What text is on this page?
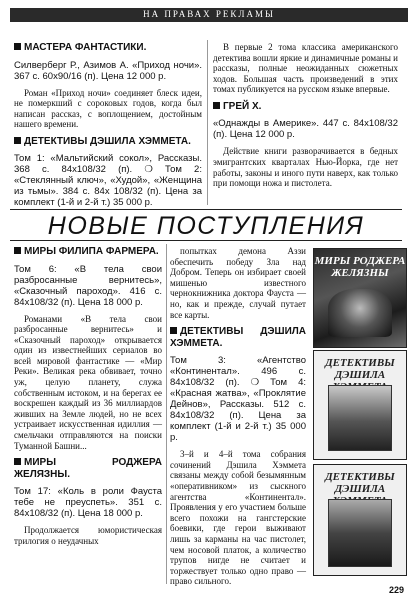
НА ПРАВАХ РЕКЛАМЫ

МАСТЕРА ФАНТАСТИКИ.

Силверберг Р., Азимов А. «Приход ночи». 367 с. 60x90/16 (п). Цена 12 000 р.

Роман «Приход ночи» соединяет блеск идеи, не померкший с сороковых годов, когда был написан рассказ, с воплощением, достойным нашего времени.

ДЕТЕКТИВЫ ДЭШИЛА ХЭММЕТА.

Том 1: «Мальтийский сокол», Рассказы. 368 с. 84х108/32 (п). ❍ Том 2: «Стеклянный ключ», «Худой», «Женщина из тьмы». 384 с. 84х 108/32 (п). Цена за комплект (1-й и 2-й т.) 35 000 р.

В первые 2 тома классика американского детектива вошли яркие и динамичные романы и рассказы, полные неожиданных сюжетных ходов. Большая часть произведений в этих томах публикуется на русском языке впервые.

ГРЕЙ Х.

«Однажды в Америке». 447 с. 84х108/32 (п). Цена 12 000 р.

Действие книги разворачивается в бедных эмигрантских кварталах Нью-Йорка, где нет работы, законы и иного пути наверх, как только при помощи ножа и пистолета.

НОВЫЕ ПОСТУПЛЕНИЯ

МИРЫ ФИЛИПА ФАРМЕРА.

Том 6: «В тела свои разбросанные вернитесь», «Сказочный пароход». 416 с. 84х108/32 (п). Цена 18 000 р.

Романами «В тела свои разбросанные вернитесь» и «Сказочный пароход» открывается один из известнейших сериалов во всей мировой фантастике — «Мир Реки». Великая река обвивает, точно уж, целую планету, служа собственным истоком, и на берегах ее воскрешен каждый из 36 миллиардов живших на Земле людей, но не всех устраивает искусственная идиллия — смельчаки отправляются на поиски Туманной Башни...

МИРЫ РОДЖЕРА ЖЕЛЯЗНЫ.

Том 17: «Коль в роли Фауста тебе не преуспеть». 351 с. 84х108/32 (п). Цена 18 000 р.

Продолжается юмористическая трилогия о неудачных

попытках демона Аззи обеспечить победу Зла над Добром. Теперь он избирает своей мишенью известного чернокнижника доктора Фауста — но, как и прежде, случай путает все карты.

ДЕТЕКТИВЫ ДЭШИЛА ХЭММЕТА.

Том 3: «Агентство «Континентал». 496 с. 84х108/32 (п). ❍ Том 4: «Красная жатва», «Проклятие Дейнов», Рассказы. 512 с. 84х108/32 (п). Цена за комплект (1-й и 2-й т.) 35 000 р.

3–й и 4–й тома собрания сочинений Дэшила Хэммета связаны между собой безымянным «оперативником» из сыскного агентства «Континентал». Проявления у его участием больше всего похожи на гангстерские боевики, где герои выживают лишь за карманы на час пистолет, чем носовой платок, а количество трупов нигде не считает и торжествует только одно право — право сильного.

МИРЫ РОДЖЕРА ЖЕЛЯЗНЫ
ДЕТЕКТИВЫ ДЭШИЛА
ДЕТЕКТИВЫ ДЭШИЛА
229
